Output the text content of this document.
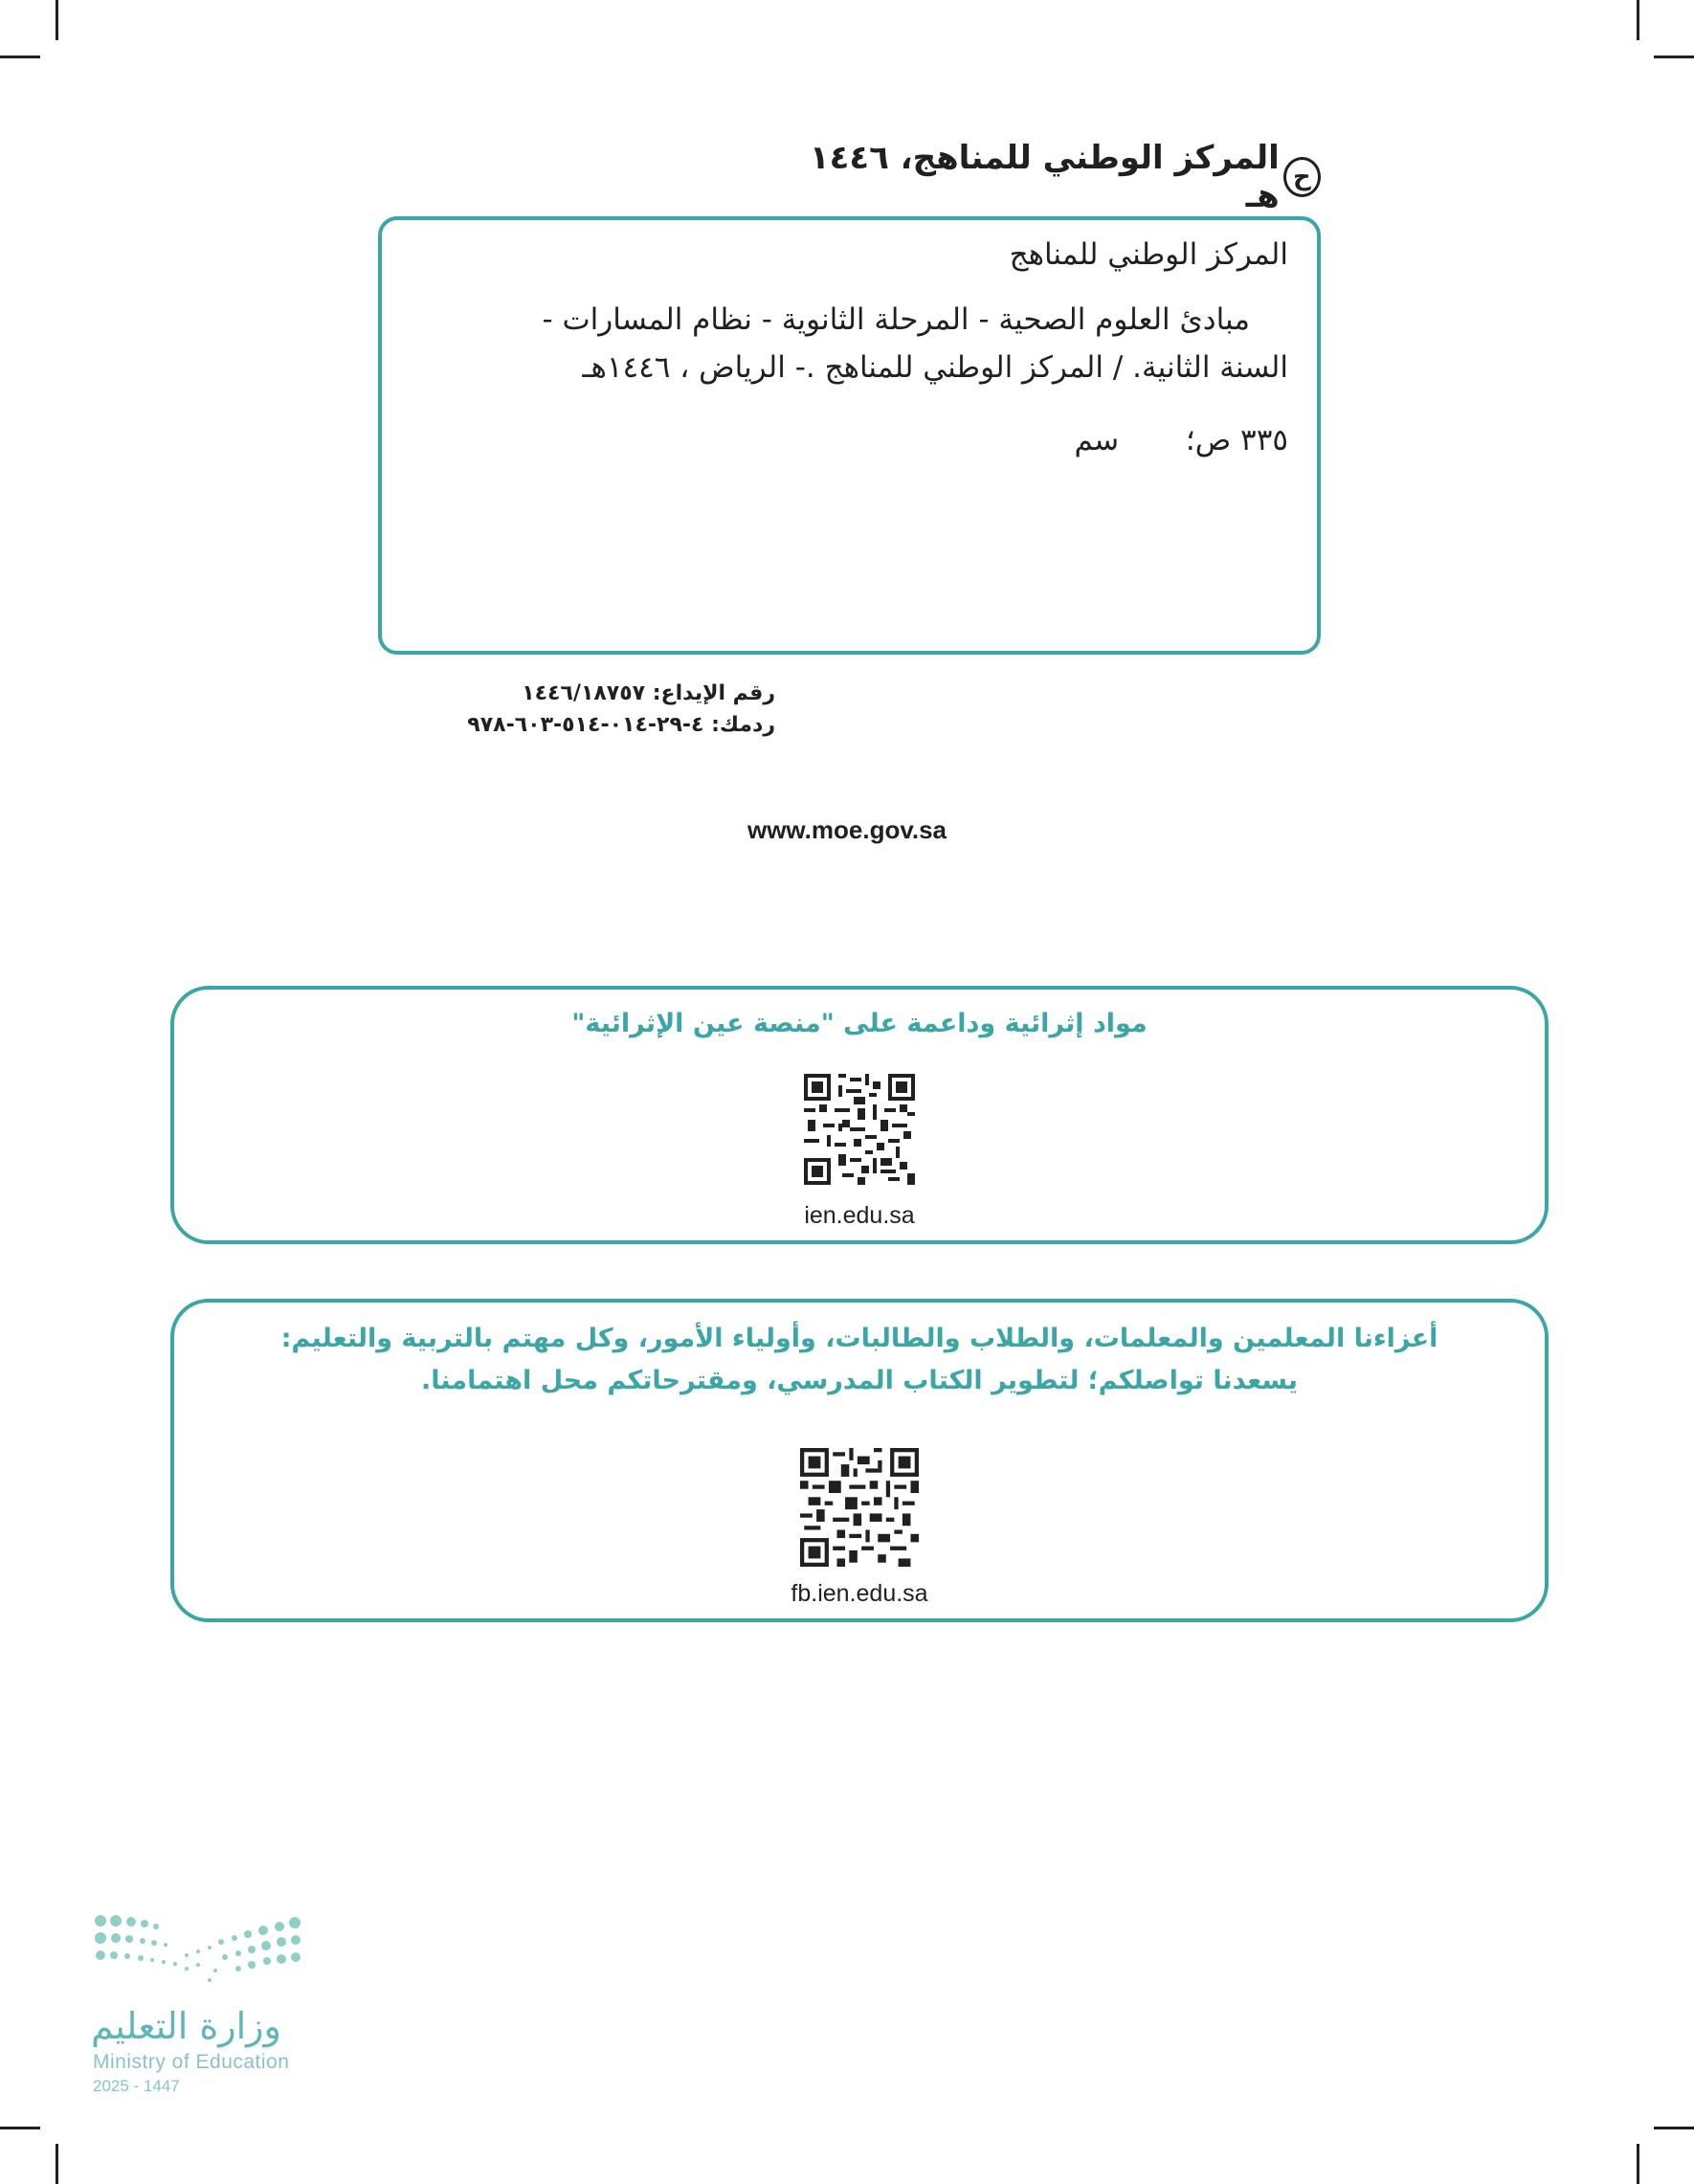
ح
المركز الوطني للمناهج، ١٤٤٦ هـ
المركز الوطني للمناهج
مبادئ العلوم الصحية - المرحلة الثانوية - نظام المسارات -
السنة الثانية. / المركز الوطني للمناهج .- الرياض ، ١٤٤٦هـ
٣٣٥ ص؛  سم
رقم الإيداع: ١٤٤٦/١٨٧٥٧
ردمك: ٤-٢٩-٠١٤-٥١٤-٦٠٣-٩٧٨
www.moe.gov.sa
مواد إثرائية وداعمة على "منصة عين الإثرائية"
ien.edu.sa
أعزاءنا المعلمين والمعلمات، والطلاب والطالبات، وأولياء الأمور، وكل مهتم بالتربية والتعليم:
يسعدنا تواصلكم؛ لتطوير الكتاب المدرسي، ومقترحاتكم محل اهتمامنا.
fb.ien.edu.sa
وزارة التعليم
Ministry of Education
2025 - 1447
